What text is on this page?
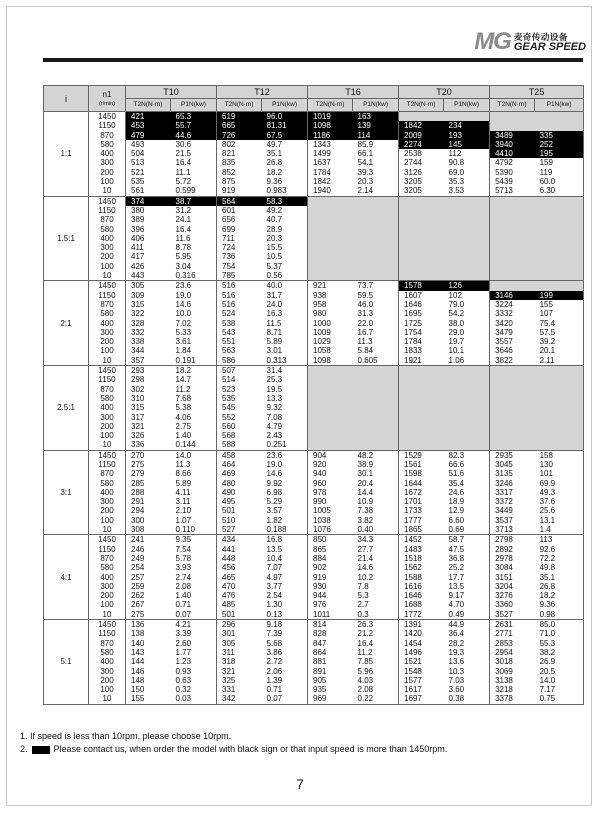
MG 麦奇传动设备
GEAR SPEED
i	n1
(r/min)	T10		T12		T16		T20		T25	
		T2N(N·m)	P1N(kw)	T2N(N·m)	P1N(kw)	T2N(N·m)	P1N(kw)	T2N(N·m)	P1N(kw)	T2N(N·m)	P1N(kw)
1:1	1450	421	65.3	619	96.0	1019	163				
	1150	453	55.7	665	81.31	1098	139	1842	234		
	870	479	44.6	726	67.5	1186	114	2009	193	3489	335
	580	493	30.6	802	49.7	1343	85.9	2274	145	3940	252
	400	504	21.5	821	35.1	1499	66.1	2538	112	4410	195
	300	513	16.4	835	26.8	1637	54.1	2744	90.8	4792	159
	200	521	11.1	852	18.2	1784	39.3	3126	69.0	5390	119
	100	535	5.72	875	9.36	1842	20.3	3205	35.3	5439	60.0
	10	561	0.599	919	0.983	1940	2.14	3205	3.53	5713	6.30
1.5:1	1450	374	38.7	564	58.3						
	1150	380	31.2	601	49.2						
	870	389	24.1	656	40.7						
	580	396	16.4	699	28.9						
	400	406	11.6	711	20.3						
	300	411	8.78	724	15.5						
	200	417	5.95	736	10.5						
	100	426	3.04	754	5.37						
	10	443	0.316	785	0.56						
2:1	1450	305	23.6	516	40.0	921	73.7	1578	126		
	1150	309	19.0	516	31.7	938	59.5	1607	102	3146	199
	870	315	14.6	516	24.0	958	46.0	1646	79.0	3224	155
	580	322	10.0	524	16.3	980	31.3	1695	54.2	3332	107
	400	328	7.02	538	11.5	1000	22.0	1725	38.0	3420	75.4
	300	332	5.33	543	8.71	1009	16.7	1754	29.0	3479	57.5
	200	338	3.61	551	5.89	1029	11.3	1784	19.7	3557	39.2
	100	344	1.84	563	3.01	1058	5.84	1833	10.1	3646	20.1
	10	357	0.191	586	0.313	1098	0.605	1921	1.06	3822	2.11
2.5:1	1450	293	18.2	507	31.4						
	1150	298	14.7	514	25.3						
	870	302	11.2	523	19.5						
	580	310	7.68	535	13.3						
	400	315	5.38	545	9.32						
	300	317	4.06	552	7.08						
	200	321	2.75	560	4.79						
	100	326	1.40	568	2.43						
	10	336	0.144	588	0.251						
3:1	1450	270	14.0	458	23.6	904	48.2	1529	82.3	2935	158
	1150	275	11.3	464	19.0	920	38.9	1561	66.6	3045	130
	870	279	8.66	469	14.6	940	30.1	1598	51.6	3135	101
	580	285	5.89	480	9.92	960	20.4	1644	35.4	3246	69.9
	400	288	4.11	490	6.98	978	14.4	1672	24.6	3317	49.3
	300	291	3.11	495	5.29	990	10.9	1701	18.9	3372	37.6
	200	294	2.10	501	3.57	1005	7.38	1733	12.9	3449	25.6
	100	300	1.07	510	1.82	1038	3.82	1777	6.60	3537	13.1
	10	308	0.110	527	0.188	1076	0.40	1865	0.69	3713	1.4
4:1	1450	241	9.35	434	16.8	850	34.3	1452	58.7	2798	113
	1150	246	7.54	441	13.5	865	27.7	1483	47.5	2892	92.6
	870	249	5.78	448	10.4	884	21.4	1518	36.8	2978	72.2
	580	254	3.93	456	7.07	902	14.6	1562	25.2	3084	49.8
	400	257	2.74	465	4.97	919	10.2	1588	17.7	3151	35.1
	300	259	2.08	470	3.77	930	7.8	1616	13.5	3204	26.8
	200	262	1.40	476	2.54	944	5.3	1646	9.17	3276	18.2
	100	267	0.71	485	1.30	976	2.7	1688	4.70	3360	9.36
	10	275	0.07	501	0.13	1011	0.3	1772	0.49	3527	0.98
5:1	1450	136	4.21	296	9.18	814	26.3	1391	44.9	2631	85.0
	1150	138	3.39	301	7.39	828	21.2	1420	36.4	2771	71.0
	870	140	2.60	305	5.68	847	16.4	1454	28.2	2853	55.3
	580	143	1.77	311	3.86	864	11.2	1496	19.3	2954	38.2
	400	144	1.23	318	2.72	881	7.85	1521	13.6	3018	26.9
	300	146	0.93	321	2.06	891	5.96	1548	10.3	3069	20.5
	200	148	0.63	325	1.39	905	4.03	1577	7.03	3138	14.0
	100	150	0.32	331	0.71	935	2.08	1617	3.60	3218	7.17
	10	155	0.03	342	0.07	969	0.22	1697	0.38	3378	0.75
1. If speed is less than 10rpm, please choose 10rpm.
2.	Please contact us, when order the model with black sign or that input speed is more than 1450rpm.
7
